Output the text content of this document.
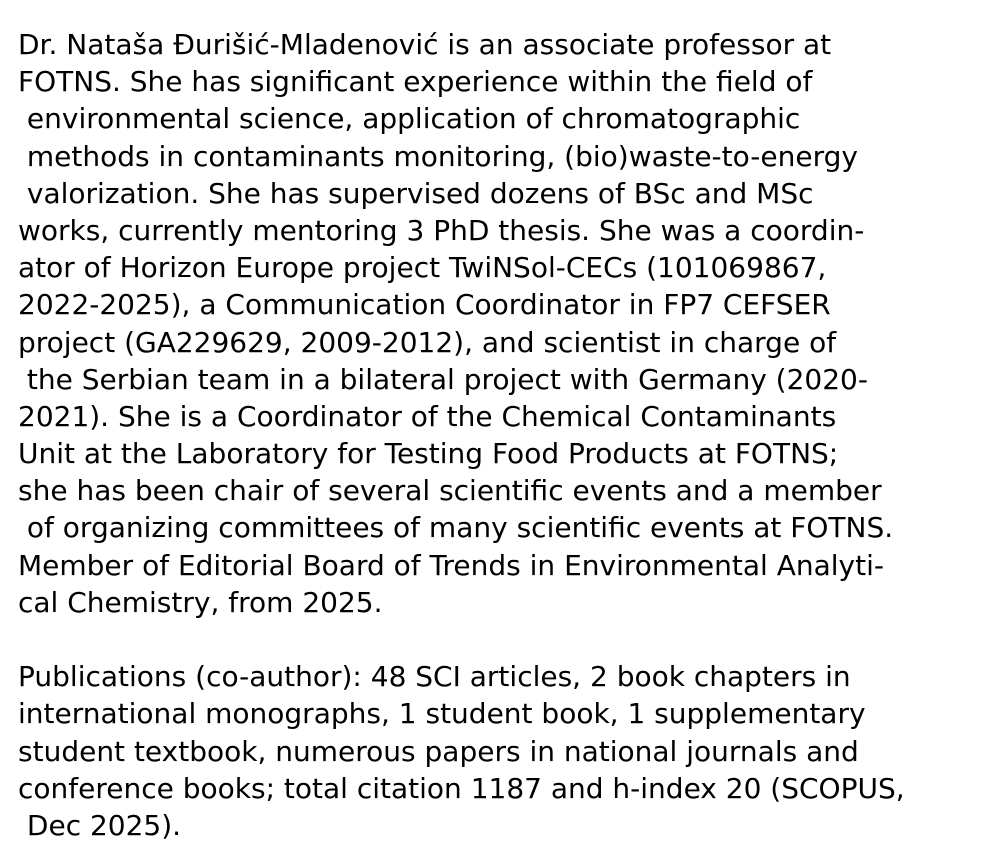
Dr. Nataša Đurišić-Mladenović is an associate professor at
FOTNS. She has significant experience within the field of
environmental science, application of chromatographic
methods in contaminants monitoring, (bio)waste-to-energy
valorization. She has supervised dozens of BSc and MSc
works, currently mentoring 3 PhD thesis. She was a coordin-
ator of Horizon Europe project TwiNSol-CECs (101069867,
2022-2025), a Communication Coordinator in FP7 CEFSER
project (GA229629, 2009-2012), and scientist in charge of
the Serbian team in a bilateral project with Germany (2020-
2021). She is a Coordinator of the Chemical Contaminants
Unit at the Laboratory for Testing Food Products at FOTNS;
she has been chair of several scientific events and a member
of organizing committees of many scientific events at FOTNS.
Member of Editorial Board of Trends in Environmental Analyti-
cal Chemistry, from 2025.
Publications (co-author): 48 SCI articles, 2 book chapters in
international monographs, 1 student book, 1 supplementary
student textbook, numerous papers in national journals and
conference books; total citation 1187 and h-index 20 (SCOPUS,
Dec 2025).
